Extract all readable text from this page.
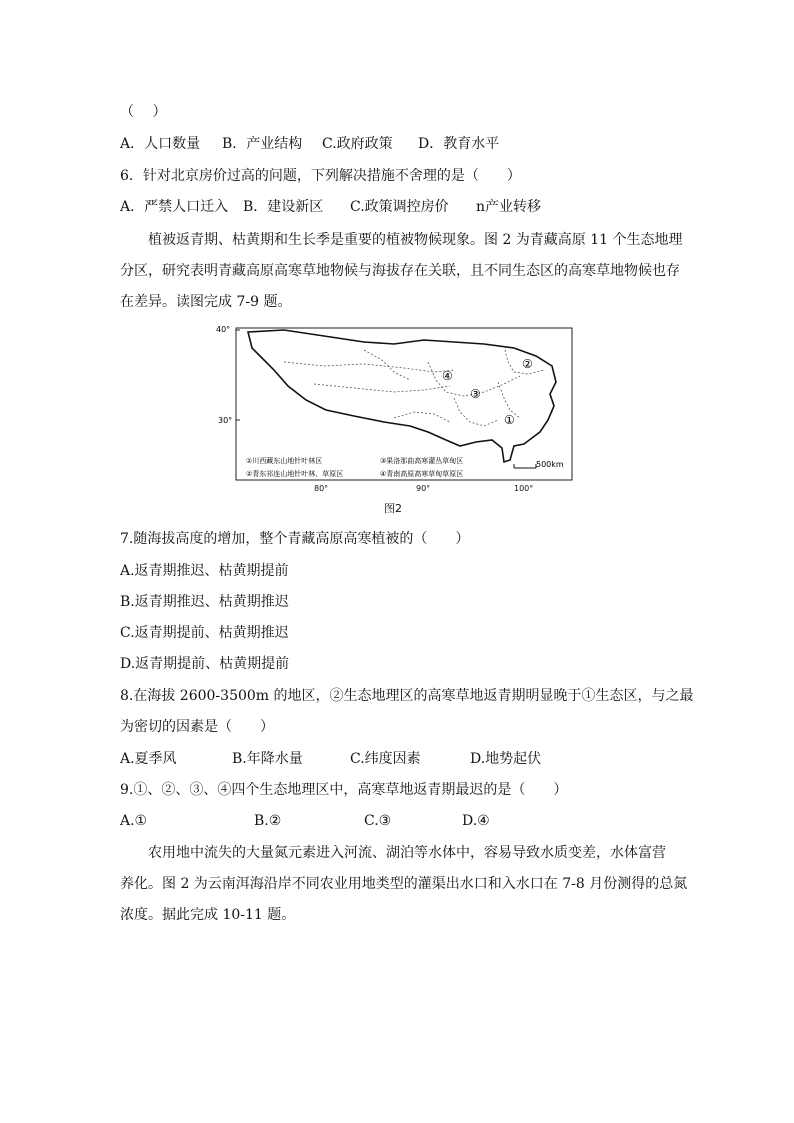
（　 ）
A．人口数量 B．产业结构 C.政府政策 D．教育水平
6．针对北京房价过高的问题，下列解决措施不舍理的是（　　）
A．严禁人口迁入 B．建设新区 C.政策调控房价 n产业转移
植被返青期、枯黄期和生长季是重要的植被物候现象。图 2 为青藏高原 11 个生态地理
分区，研究表明青藏高原高寒草地物候与海拔存在关联，且不同生态区的高寒草地物候也存
在差异。读图完成 7-9 题。
40°
30°
④
②
③
①
500km
①川西藏东山地针叶林区	③果洛那曲高寒灌丛草甸区
②青东祁连山地针叶林、草原区	④青南高原高寒草甸草原区
80°	90°	100°
图2
7.随海拔高度的增加，整个青藏高原高寒植被的（　　）
A.返青期推迟、枯黄期提前
B.返青期推迟、枯黄期推迟
C.返青期提前、枯黄期推迟
D.返青期提前、枯黄期提前
8.在海拔 2600-3500m 的地区，②生态地理区的高寒草地返青期明显晚于①生态区，与之最
为密切的因素是（　　）
A.夏季风	B.年降水量	C.纬度因素	D.地势起伏
9.①、②、③、④四个生态地理区中，高寒草地返青期最迟的是（　　）
A.①	B.②	C.③	D.④
农用地中流失的大量氮元素进入河流、湖泊等水体中，容易导致水质变差，水体富营
养化。图 2 为云南洱海沿岸不同农业用地类型的灌渠出水口和入水口在 7-8 月份测得的总氮
浓度。据此完成 10-11 题。
